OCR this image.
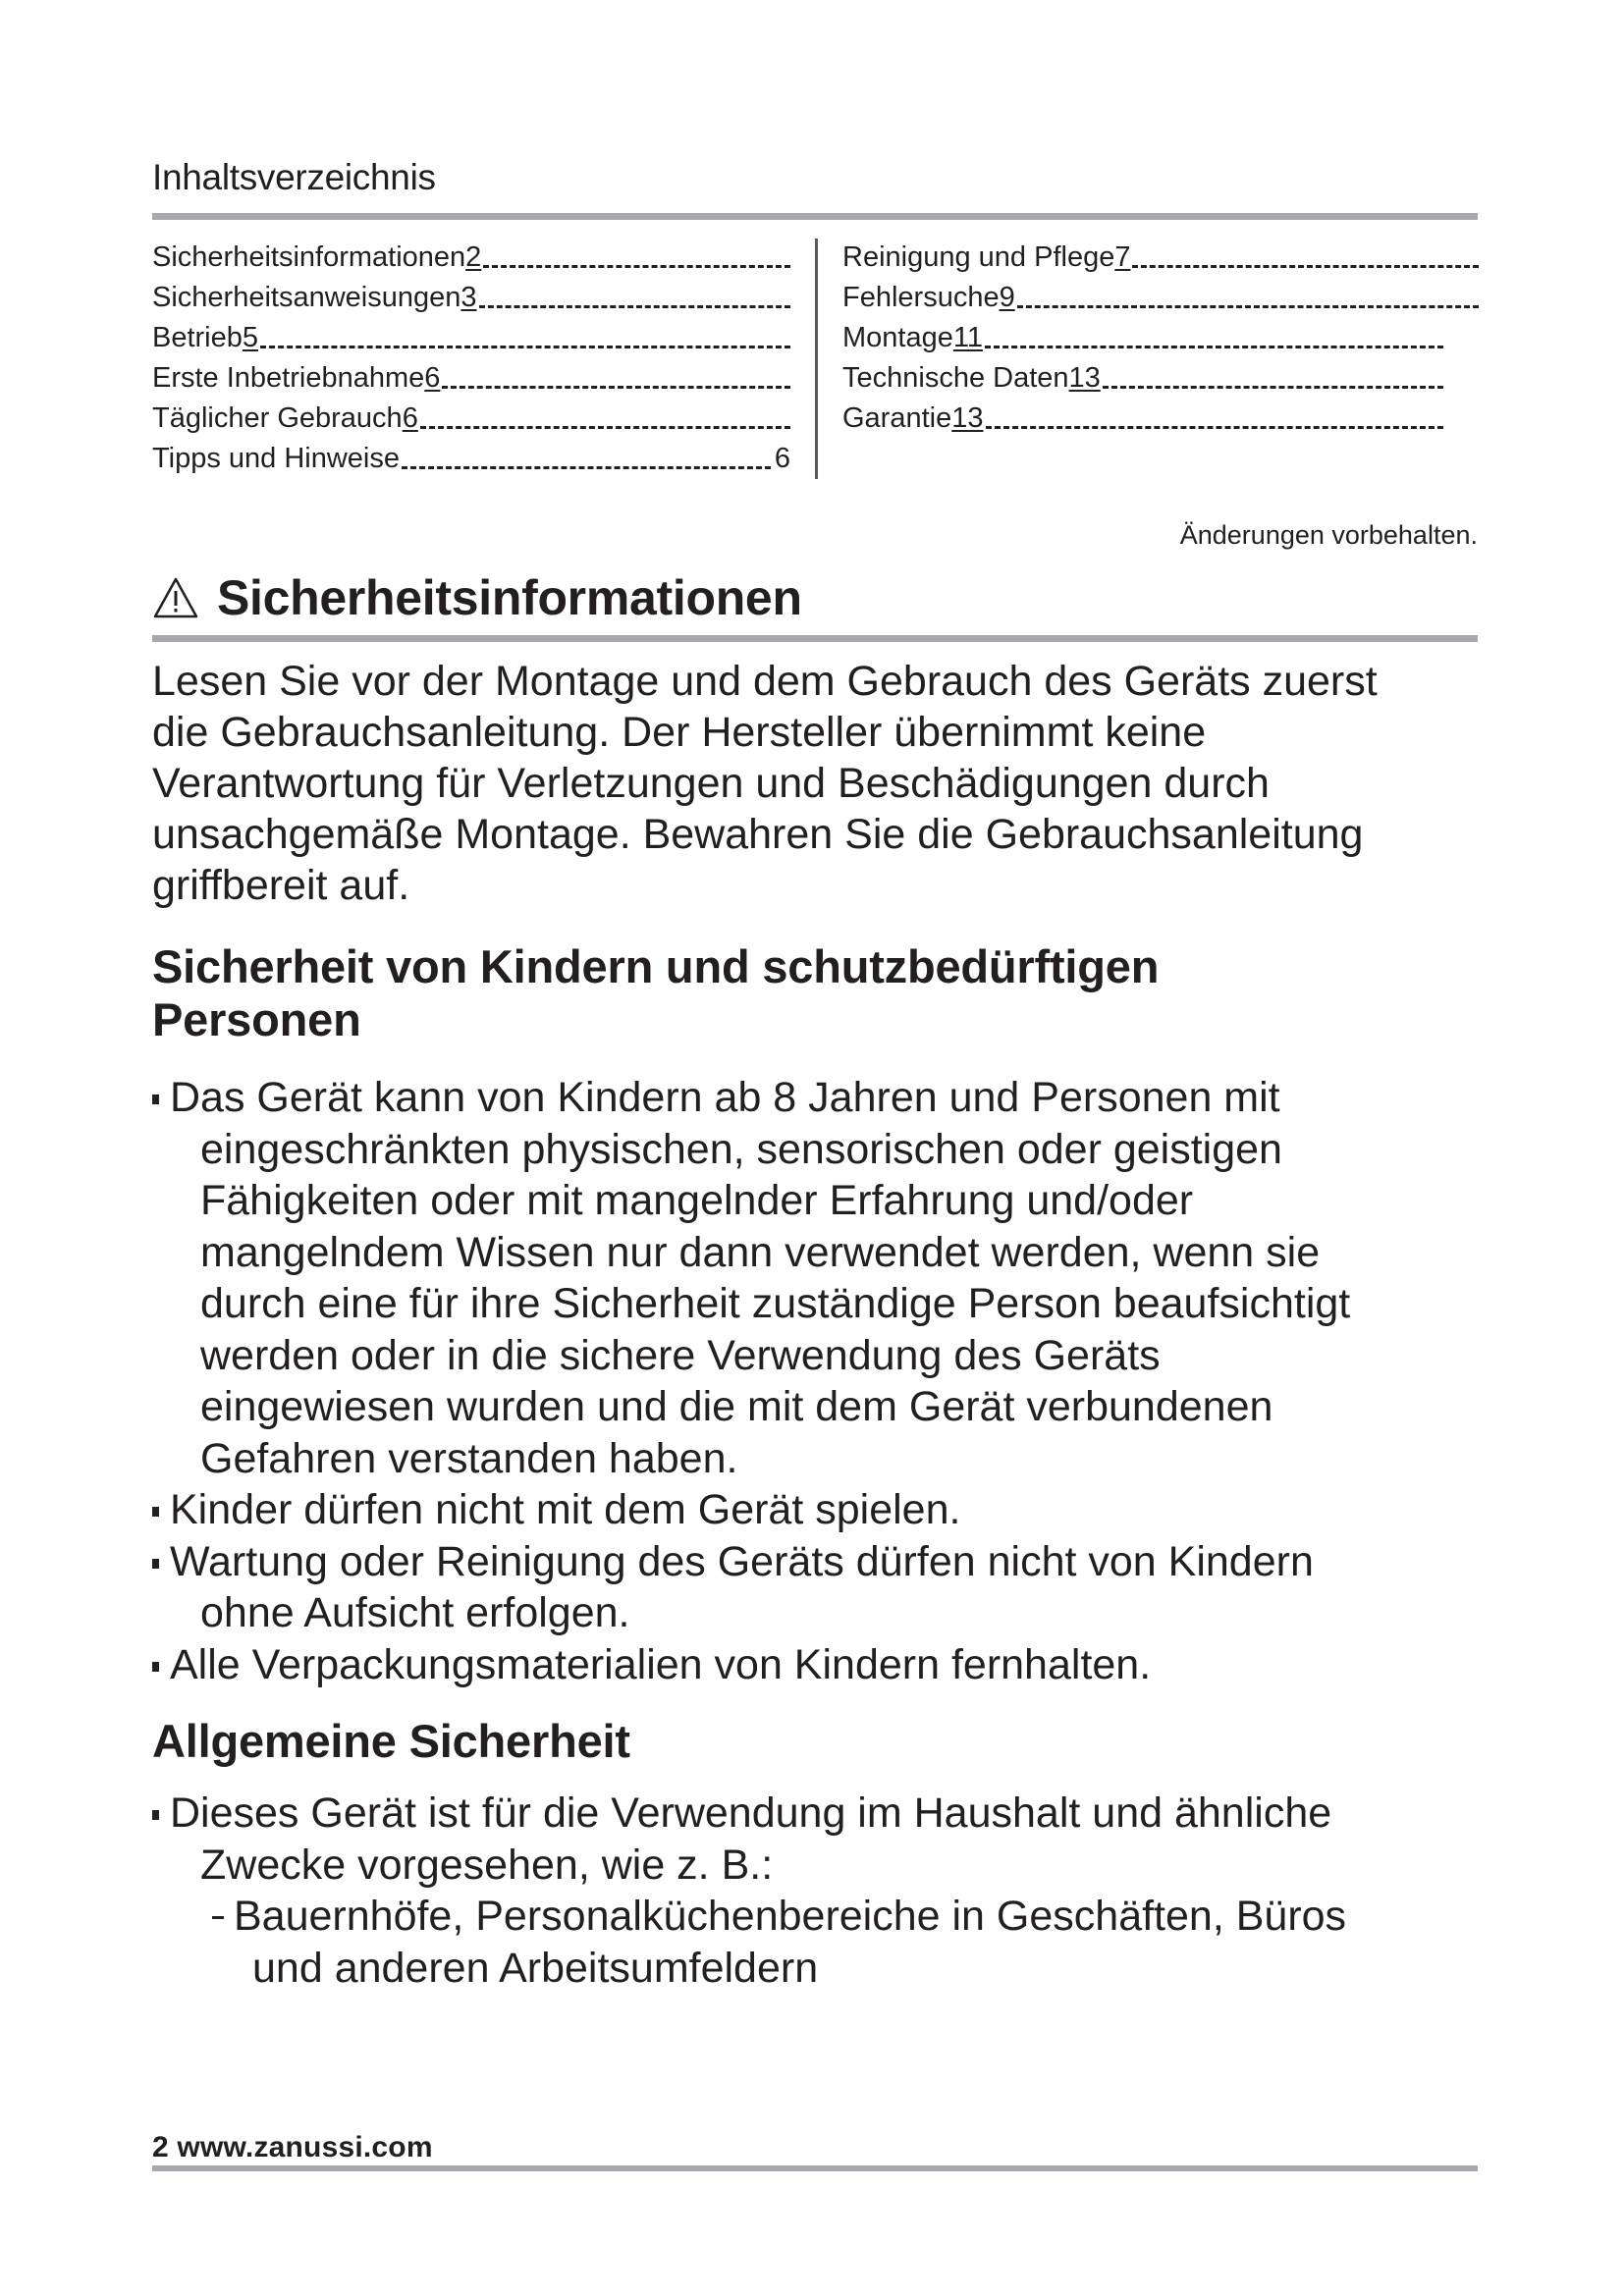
Inhaltsverzeichnis
Sicherheitsinformationen 2
Sicherheitsanweisungen 3
Betrieb 5
Erste Inbetriebnahme 6
Täglicher Gebrauch 6
Tipps und Hinweise	6
Reinigung und Pflege 7
Fehlersuche 9
Montage 11
Technische Daten 13
Garantie 13
Änderungen vorbehalten.
Sicherheitsinformationen

Lesen Sie vor der Montage und dem Gebrauch des Geräts zuerst

die Gebrauchsanleitung. Der Hersteller übernimmt keine

Verantwortung für Verletzungen und Beschädigungen durch

unsachgemäße Montage. Bewahren Sie die Gebrauchsanleitung

griffbereit auf.

Sicherheit von Kindern und schutzbedürftigen
Personen

Das Gerät kann von Kindern ab 8 Jahren und Personen mit

eingeschränkten physischen, sensorischen oder geistigen

Fähigkeiten oder mit mangelnder Erfahrung und/oder

mangelndem Wissen nur dann verwendet werden, wenn sie

durch eine für ihre Sicherheit zuständige Person beaufsichtigt

werden oder in die sichere Verwendung des Geräts

eingewiesen wurden und die mit dem Gerät verbundenen

Gefahren verstanden haben.

Kinder dürfen nicht mit dem Gerät spielen.

Wartung oder Reinigung des Geräts dürfen nicht von Kindern

ohne Aufsicht erfolgen.

Alle Verpackungsmaterialien von Kindern fernhalten.

Allgemeine Sicherheit

Dieses Gerät ist für die Verwendung im Haushalt und ähnliche

Zwecke vorgesehen, wie z. B.:

Bauernhöfe, Personalküchenbereiche in Geschäften, Büros

und anderen Arbeitsumfeldern

2 www.zanussi.com
